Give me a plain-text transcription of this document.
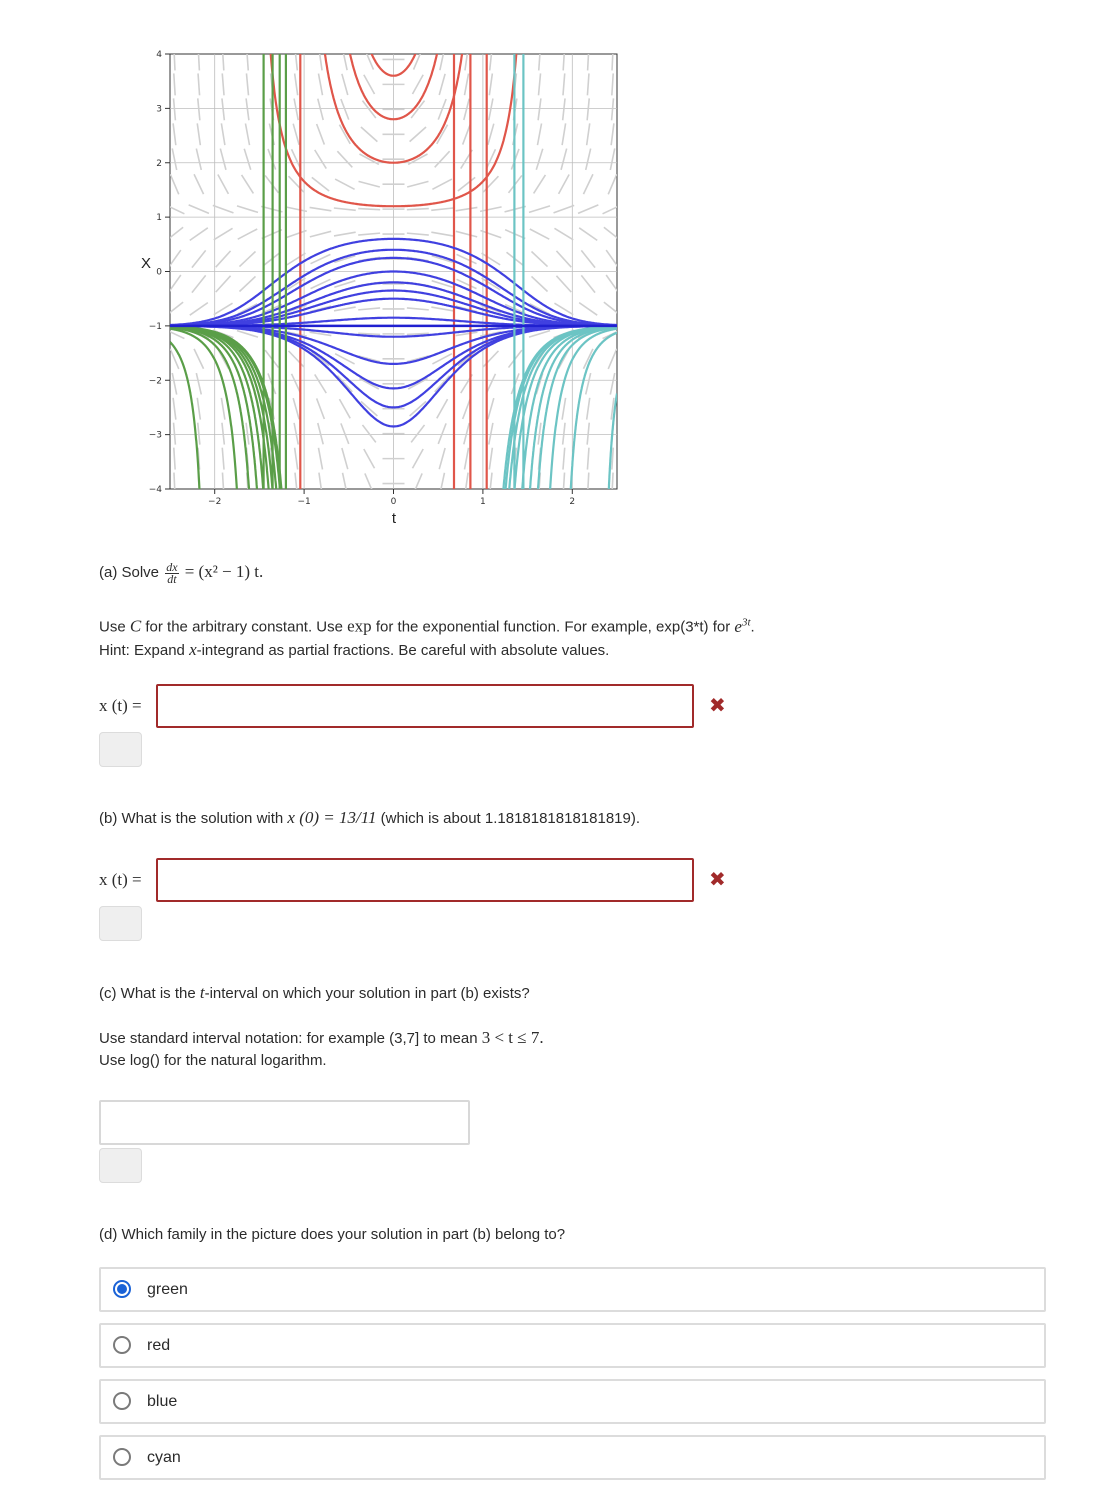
4
3
2
1
0
−1
−2
−3
−4
−2	−1	0	1	2
X
t
(a) Solve $\frac{dx}{dt} = (x^2 - 1)$ t.
Use C for the arbitrary constant. Use exp for the exponential function. For example, exp(3*t) for $e^{3t}$.
Hint: Expand x-integrand as partial fractions. Be careful with absolute values.
x (t) =	✖
(b) What is the solution with x (0) = 13/11 (which is about 1.1818181818181819).
x (t) =	✖
(c) What is the t-interval on which your solution in part (b) exists?
Use standard interval notation: for example (3,7] to mean 3 < t ≤ 7.
Use log() for the natural logarithm.
(d) Which family in the picture does your solution in part (b) belong to?
green
red
blue
cyan
